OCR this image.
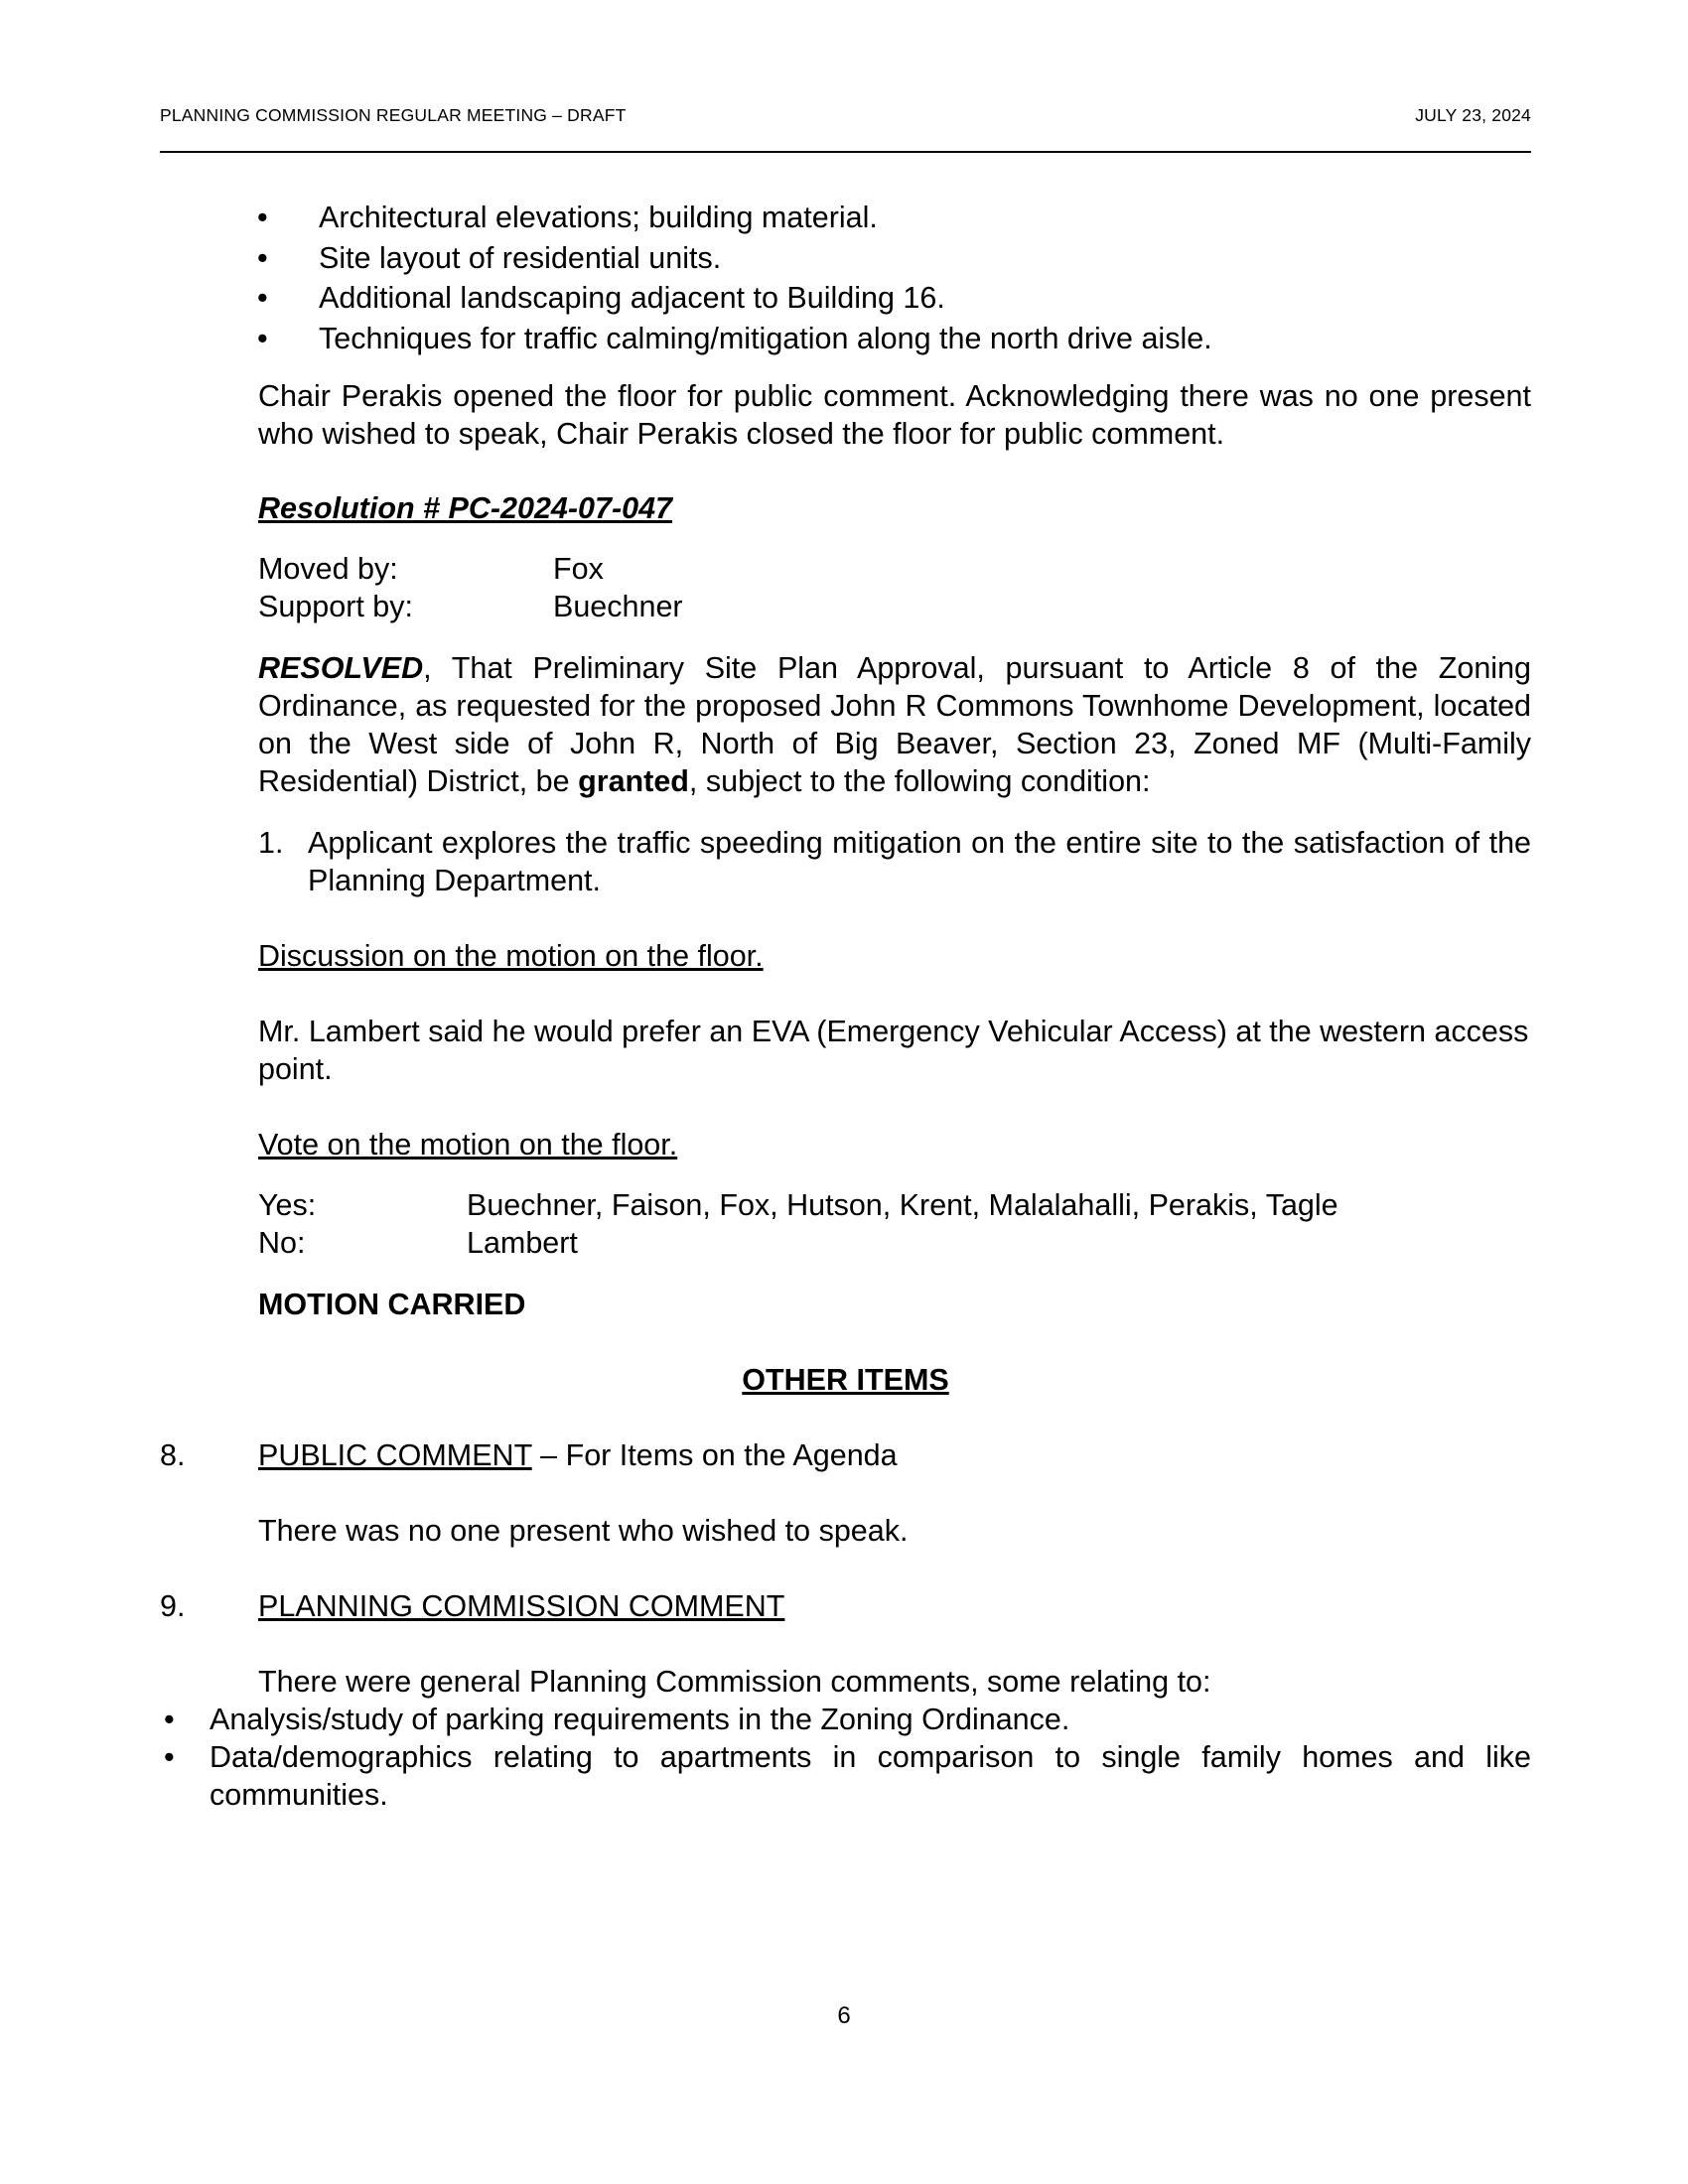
PLANNING COMMISSION REGULAR MEETING – DRAFT	JULY 23, 2024
• Architectural elevations; building material.
• Site layout of residential units.
• Additional landscaping adjacent to Building 16.
• Techniques for traffic calming/mitigation along the north drive aisle.

Chair Perakis opened the floor for public comment. Acknowledging there was no one present who wished to speak, Chair Perakis closed the floor for public comment.

Resolution # PC-2024-07-047

Moved by:	Fox
Support by:	Buechner

RESOLVED, That Preliminary Site Plan Approval, pursuant to Article 8 of the Zoning Ordinance, as requested for the proposed John R Commons Townhome Development, located on the West side of John R, North of Big Beaver, Section 23, Zoned MF (Multi-Family Residential) District, be granted, subject to the following condition:

1. Applicant explores the traffic speeding mitigation on the entire site to the satisfaction of the Planning Department.

Discussion on the motion on the floor.

Mr. Lambert said he would prefer an EVA (Emergency Vehicular Access) at the western access point.

Vote on the motion on the floor.

Yes:	Buechner, Faison, Fox, Hutson, Krent, Malalahalli, Perakis, Tagle
No:	Lambert

MOTION CARRIED

OTHER ITEMS

8. PUBLIC COMMENT – For Items on the Agenda

There was no one present who wished to speak.

9. PLANNING COMMISSION COMMENT

There were general Planning Commission comments, some relating to:

• Analysis/study of parking requirements in the Zoning Ordinance.
• Data/demographics relating to apartments in comparison to single family homes and like communities.
6
